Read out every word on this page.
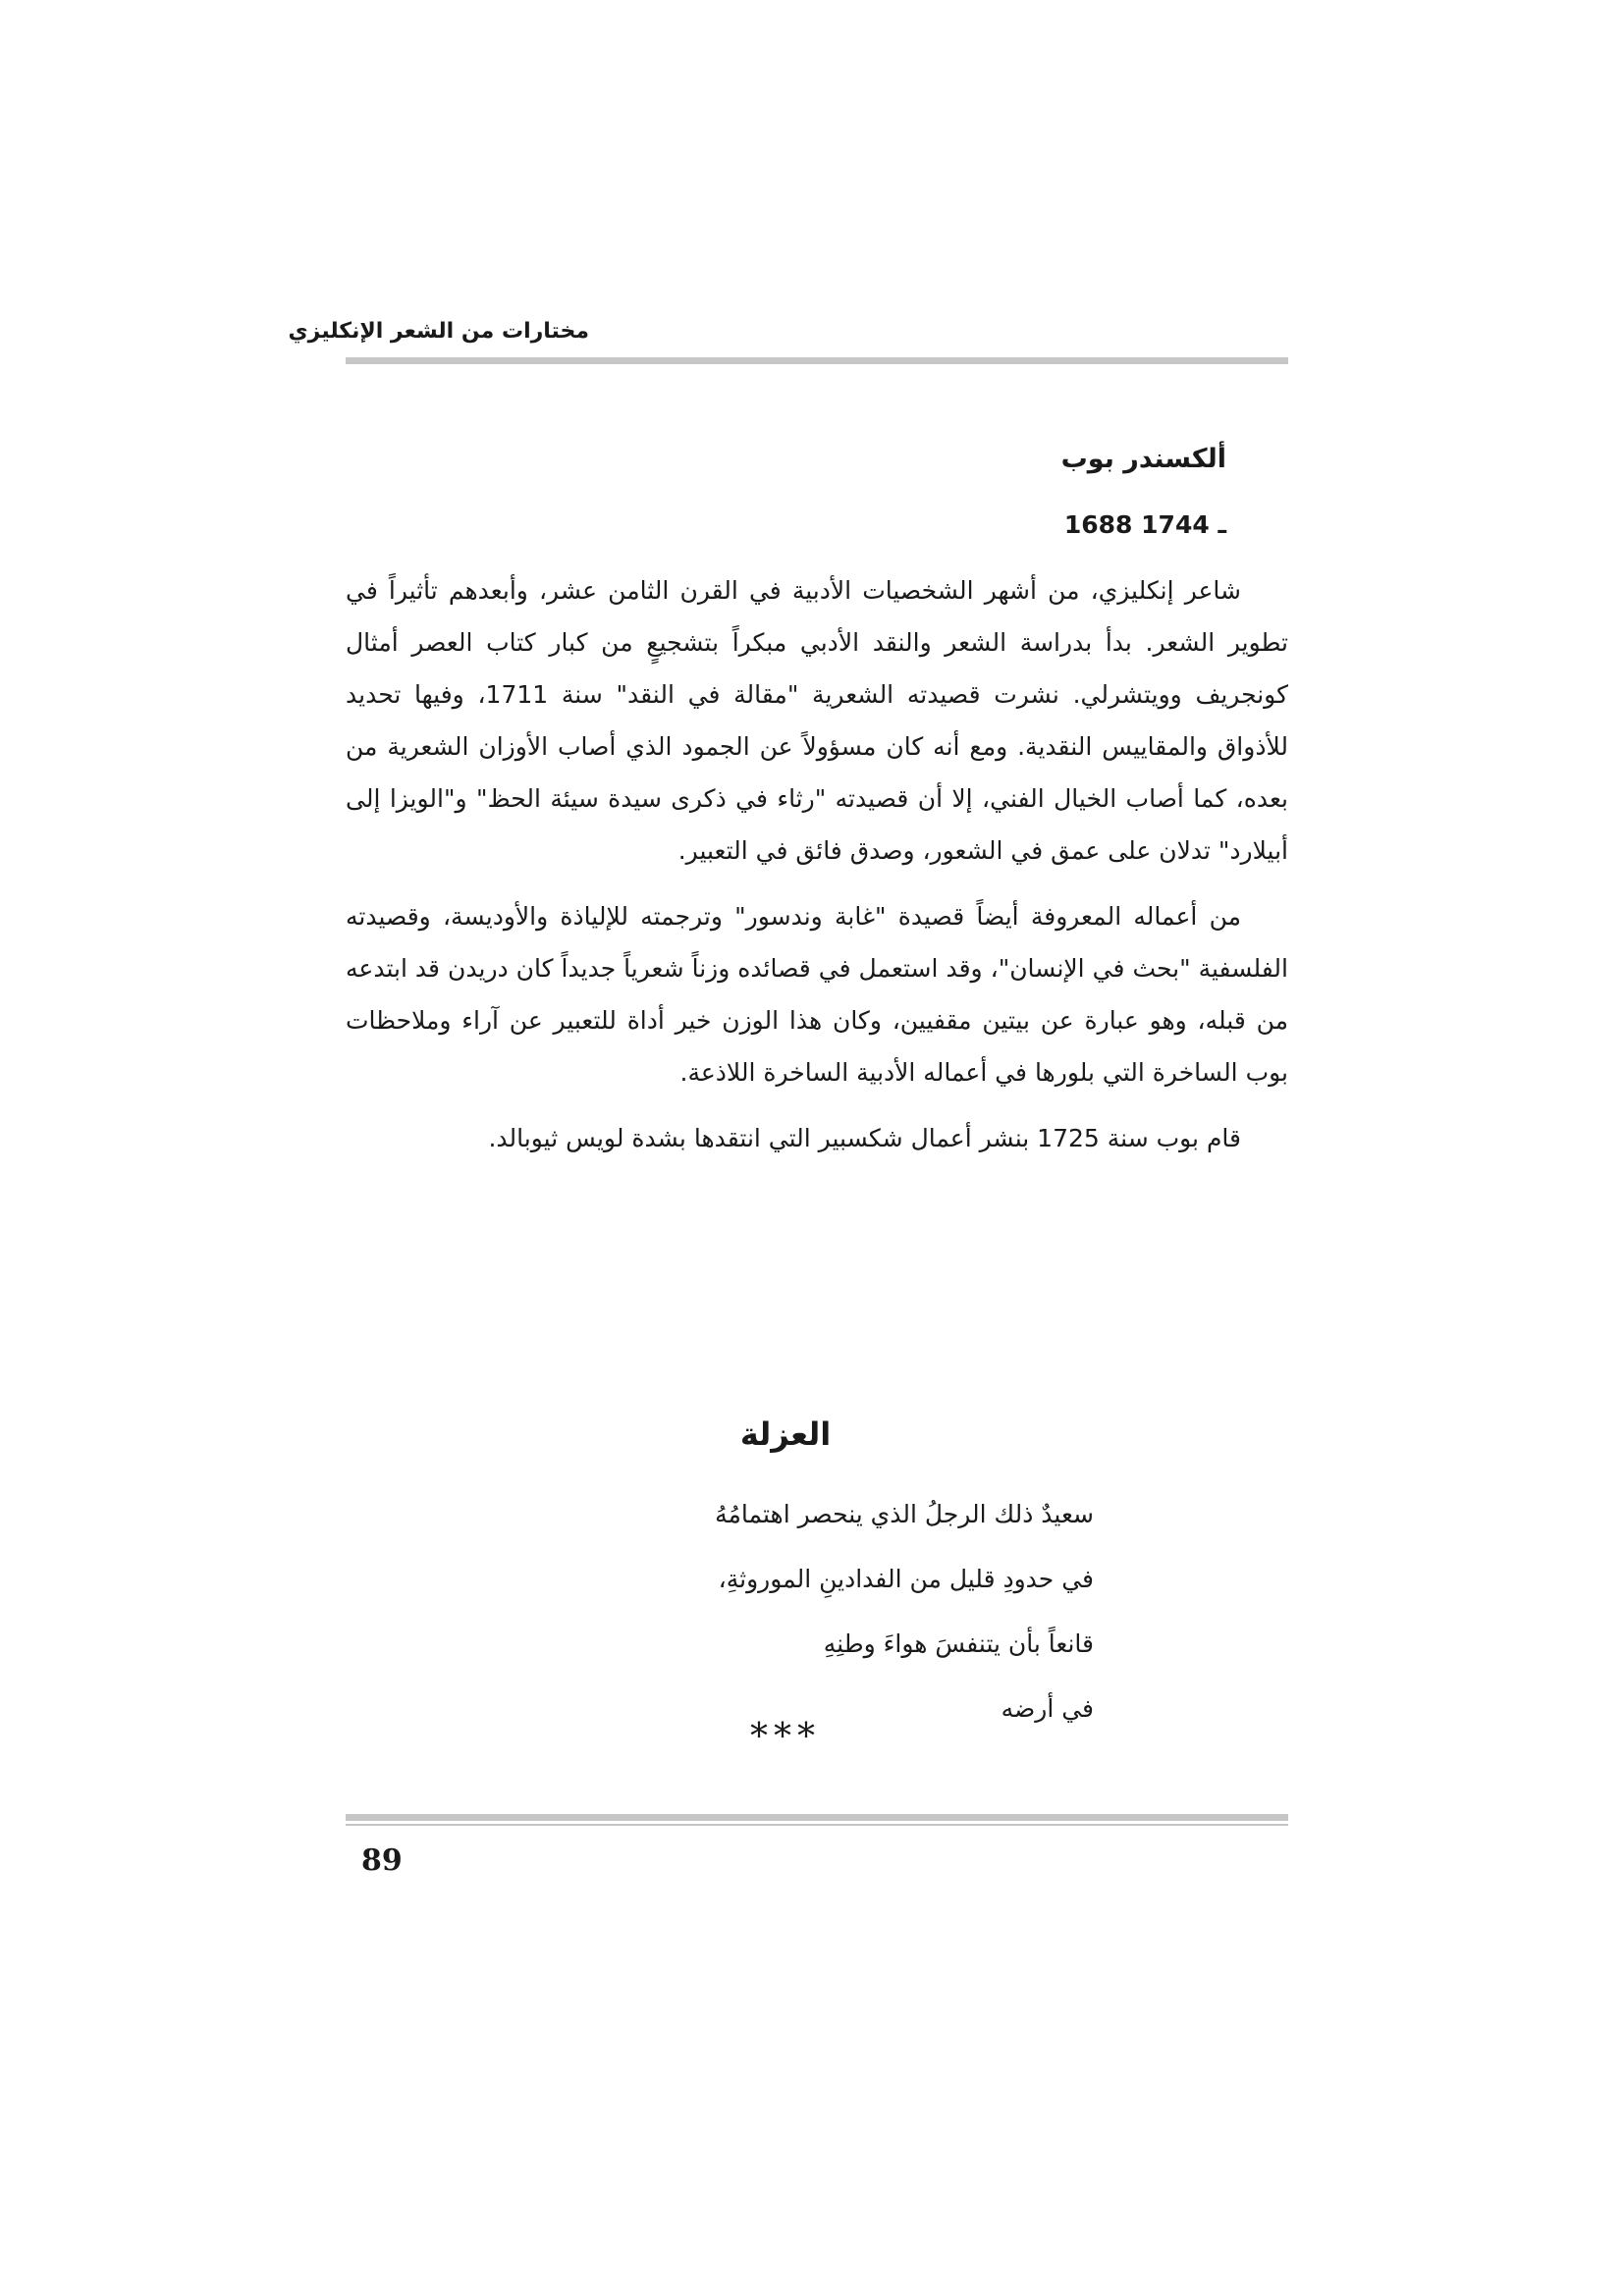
مختارات من الشعر الإنكليزي
ألكسندر بوب
1688 ـ 1744

شاعر إنكليزي، من أشهر الشخصيات الأدبية في القرن الثامن عشر، وأبعدهم تأثيراً في تطوير الشعر. بدأ بدراسة الشعر والنقد الأدبي مبكراً بتشجيعٍ من كبار كتاب العصر أمثال كونجريف وويتشرلي. نشرت قصيدته الشعرية "مقالة في النقد" سنة 1711، وفيها تحديد للأذواق والمقاييس النقدية. ومع أنه كان مسؤولاً عن الجمود الذي أصاب الأوزان الشعرية من بعده، كما أصاب الخيال الفني، إلا أن قصيدته "رثاء في ذكرى سيدة سيئة الحظ" و"الويزا إلى أبيلارد" تدلان على عمق في الشعور، وصدق فائق في التعبير.

من أعماله المعروفة أيضاً قصيدة "غابة وندسور" وترجمته للإلياذة والأوديسة، وقصيدته الفلسفية "بحث في الإنسان"، وقد استعمل في قصائده وزناً شعرياً جديداً كان دريدن قد ابتدعه من قبله، وهو عبارة عن بيتين مقفيين، وكان هذا الوزن خير أداة للتعبير عن آراء وملاحظات بوب الساخرة التي بلورها في أعماله الأدبية الساخرة اللاذعة.

قام بوب سنة 1725 بنشر أعمال شكسبير التي انتقدها بشدة لويس ثيوبالد.

العزلة
سعيدٌ ذلك الرجلُ الذي ينحصر اهتمامُهُ
في حدودِ قليل من الفدادينِ الموروثةِ،
قانعاً بأن يتنفسَ هواءَ وطنِهِ
في أرضه
***
89
